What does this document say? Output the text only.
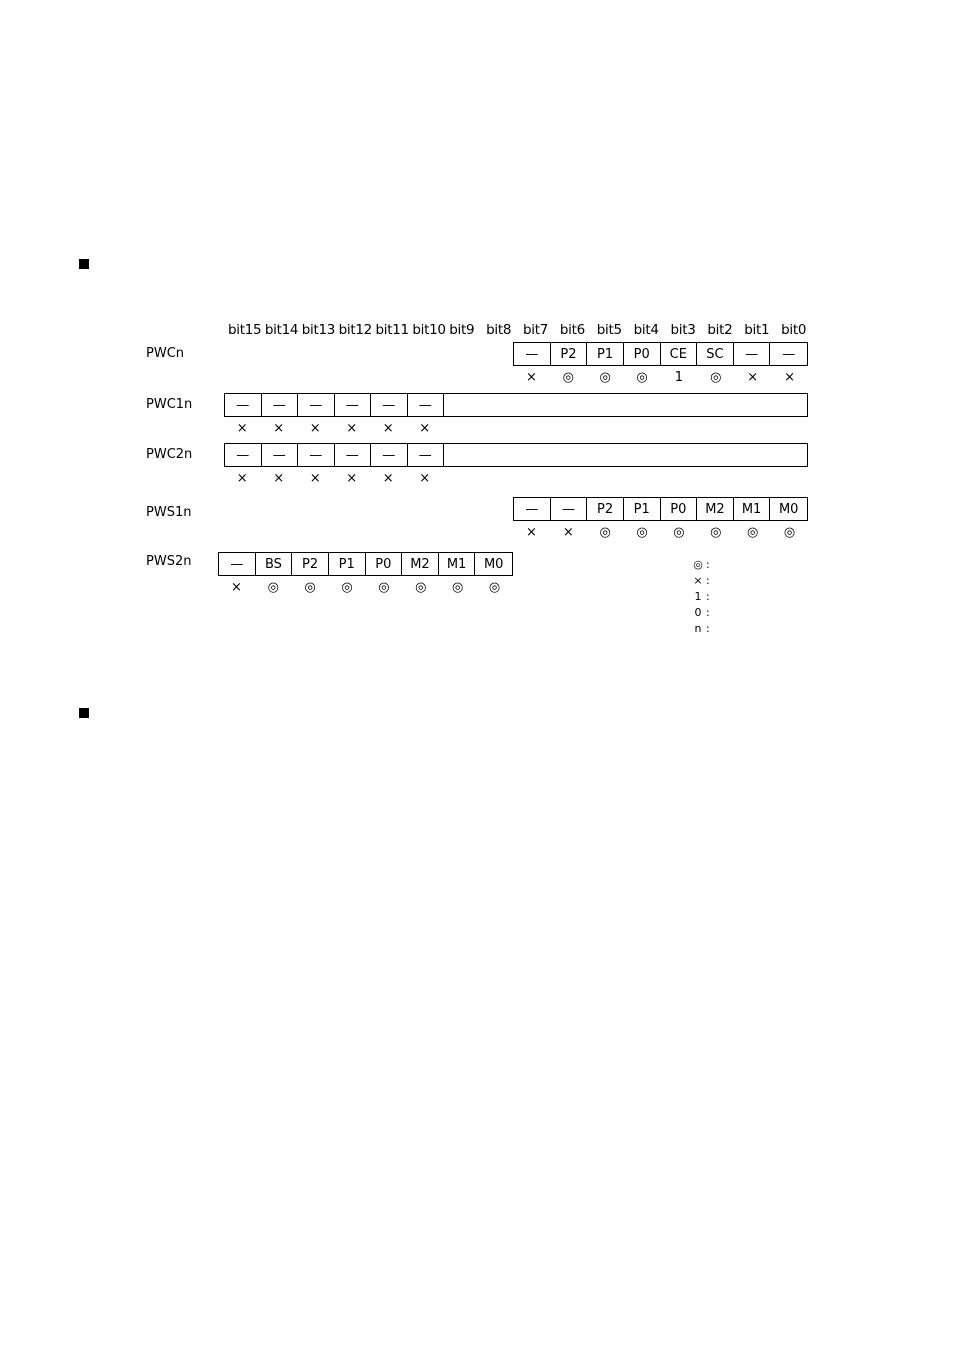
bit15 bit14 bit13 bit12 bit11 bit10 bit9 bit8 bit7 bit6 bit5 bit4 bit3 bit2 bit1 bit0
PWCn	—	P2	P1	P0	CE	SC	—	—
×	◎	◎	◎	1	◎	×	×
PWC1n	—	—	—	—	—	—
×	×	×	×	×	×
PWC2n	—	—	—	—	—	—
×	×	×	×	×	×
PWS1n	—	—	P2	P1	P0	M2	M1	M0
×	×	◎	◎	◎	◎	◎	◎
PWS2n	—	BS	P2	P1	P0	M2	M1	M0
×	◎	◎	◎	◎	◎	◎	◎
◎ :
× :
1 :
0 :
n :
